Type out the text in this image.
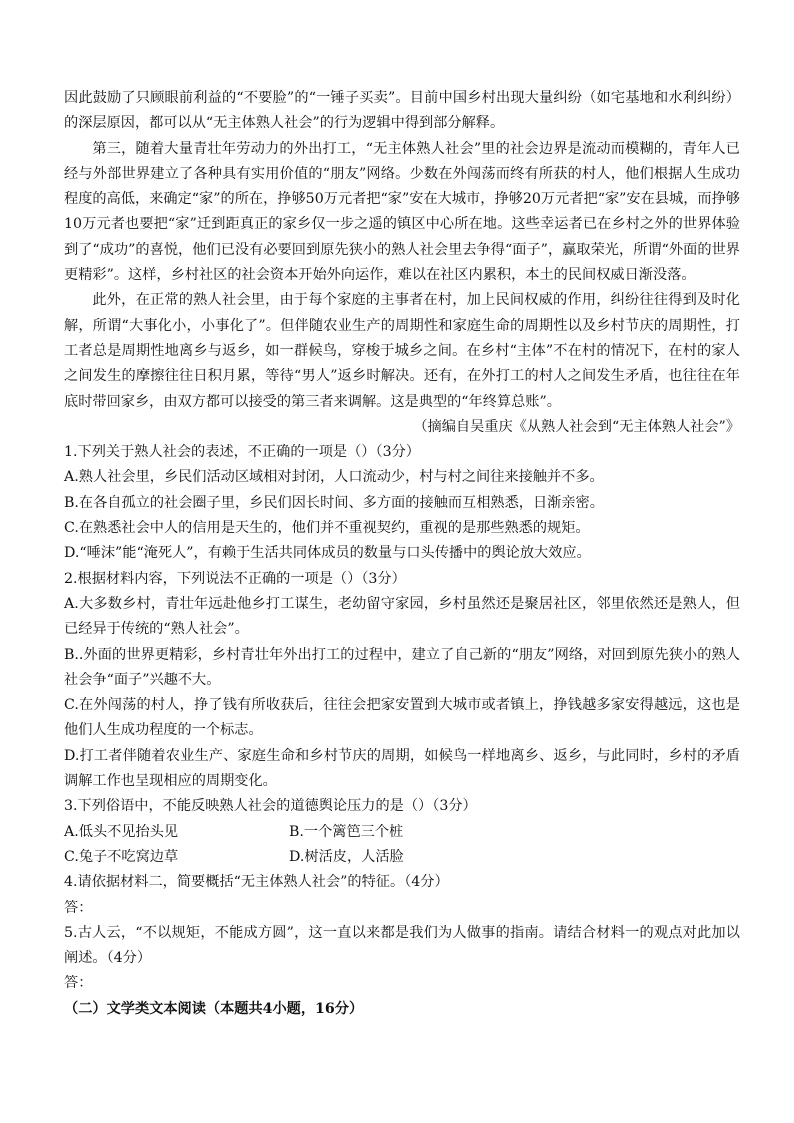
因此鼓励了只顾眼前利益的“不要脸”的“一锤子买卖”。目前中国乡村出现大量纠纷（如宅基地和水利纠纷）的深层原因，都可以从“无主体熟人社会”的行为逻辑中得到部分解释。

第三，随着大量青壮年劳动力的外出打工，“无主体熟人社会”里的社会边界是流动而模糊的，青年人已经与外部世界建立了各种具有实用价值的“朋友”网络。少数在外闯荡而终有所获的村人，他们根据人生成功程度的高低，来确定“家”的所在，挣够50万元者把“家”安在大城市，挣够20万元者把“家”安在县城，而挣够10万元者也要把“家”迁到距真正的家乡仅一步之遥的镇区中心所在地。这些幸运者已在乡村之外的世界体验到了“成功”的喜悦，他们已没有必要回到原先狭小的熟人社会里去争得“面子”，赢取荣光，所谓“外面的世界更精彩”。这样，乡村社区的社会资本开始外向运作，难以在社区内累积，本土的民间权威日渐没落。

此外，在正常的熟人社会里，由于每个家庭的主事者在村，加上民间权威的作用，纠纷往往得到及时化解，所谓“大事化小，小事化了”。但伴随农业生产的周期性和家庭生命的周期性以及乡村节庆的周期性，打工者总是周期性地离乡与返乡，如一群候鸟，穿梭于城乡之间。在乡村“主体”不在村的情况下，在村的家人之间发生的摩擦往往日积月累，等待“男人”返乡时解决。还有，在外打工的村人之间发生矛盾，也往往在年底时带回家乡，由双方都可以接受的第三者来调解。这是典型的“年终算总账”。

（摘编自吴重庆《从熟人社会到“无主体熟人社会”》

1.下列关于熟人社会的表述，不正确的一项是（）（3分）

A.熟人社会里，乡民们活动区域相对封闭，人口流动少，村与村之间往来接触并不多。

B.在各自孤立的社会圈子里，乡民们因长时间、多方面的接触而互相熟悉，日渐亲密。

C.在熟悉社会中人的信用是天生的，他们并不重视契约，重视的是那些熟悉的规矩。

D.“唾沫”能“淹死人”，有赖于生活共同体成员的数量与口头传播中的舆论放大效应。

2.根据材料内容，下列说法不正确的一项是（）（3分）

A.大多数乡村，青壮年远赴他乡打工谋生，老幼留守家园，乡村虽然还是聚居社区，邻里依然还是熟人，但已经异于传统的“熟人社会”。

B..外面的世界更精彩，乡村青壮年外出打工的过程中，建立了自己新的“朋友”网络，对回到原先狭小的熟人社会争“面子”兴趣不大。

C.在外闯荡的村人，挣了钱有所收获后，往往会把家安置到大城市或者镇上，挣钱越多家安得越远，这也是他们人生成功程度的一个标志。

D.打工者伴随着农业生产、家庭生命和乡村节庆的周期，如候鸟一样地离乡、返乡，与此同时，乡村的矛盾调解工作也呈现相应的周期变化。

3.下列俗语中，不能反映熟人社会的道德舆论压力的是（）（3分）

A.低头不见抬头见	B.一个篱笆三个桩
C.兔子不吃窝边草	D.树活皮，人活脸

4.请依据材料二，简要概括“无主体熟人社会”的特征。（4分）

答：

5.古人云，“不以规矩，不能成方圆”，这一直以来都是我们为人做事的指南。请结合材料一的观点对此加以阐述。（4分）

答：

（二）文学类文本阅读（本题共4小题，16分）
